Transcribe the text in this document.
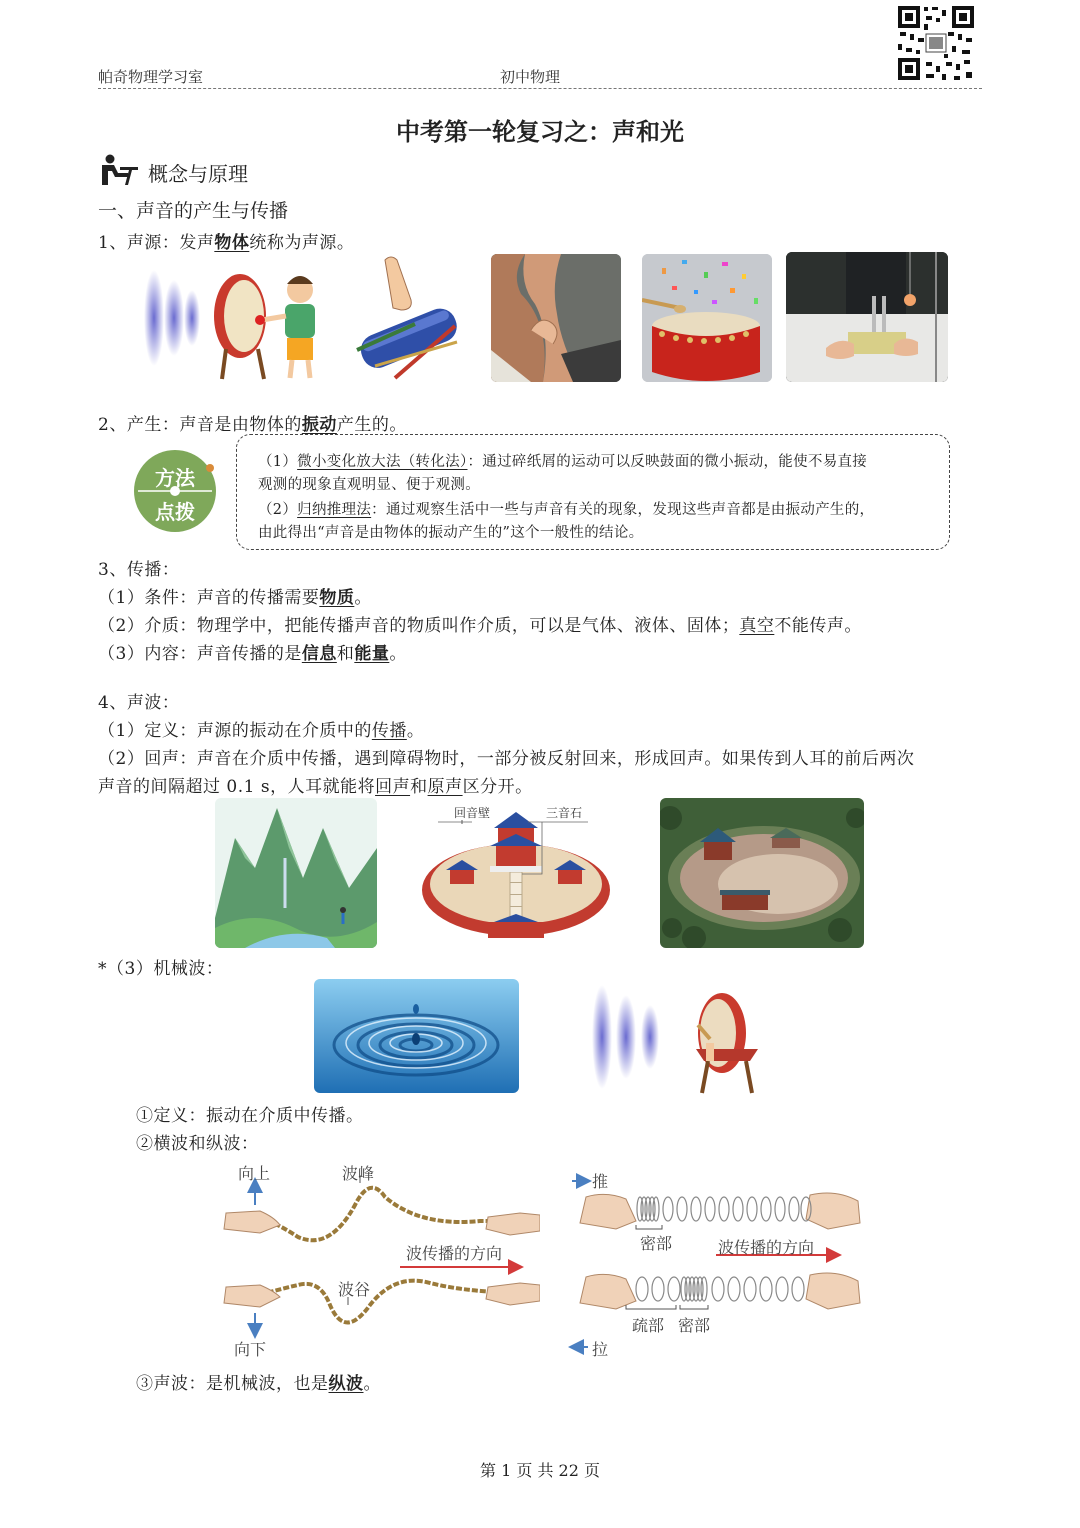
帕奇物理学习室	初中物理
中考第一轮复习之：声和光
概念与原理
一、声音的产生与传播
1、声源：发声物体统称为声源。
2、产生：声音是由物体的振动产生的。
方法
点拨
（1）微小变化放大法（转化法）：通过碎纸屑的运动可以反映鼓面的微小振动，能使不易直接
观测的现象直观明显、便于观测。
（2）归纳推理法：通过观察生活中一些与声音有关的现象，发现这些声音都是由振动产生的，
由此得出“声音是由物体的振动产生的”这个一般性的结论。
3、传播：
（1）条件：声音的传播需要物质。
（2）介质：物理学中，把能传播声音的物质叫作介质，可以是气体、液体、固体；真空不能传声。
（3）内容：声音传播的是信息和能量。
4、声波：
（1）定义：声源的振动在介质中的传播。
（2）回声：声音在介质中传播，遇到障碍物时，一部分被反射回来，形成回声。如果传到人耳的前后两次
声音的间隔超过 0.1 s，人耳就能将回声和原声区分开。
回音壁	三音石
*（3）机械波：
①定义：振动在介质中传播。
②横波和纵波：
向上	波峰
波传播的方向
波谷
向下
推
密部	波传播的方向
疏部 密部
拉
③声波：是机械波，也是纵波。
第 1 页 共 22 页
